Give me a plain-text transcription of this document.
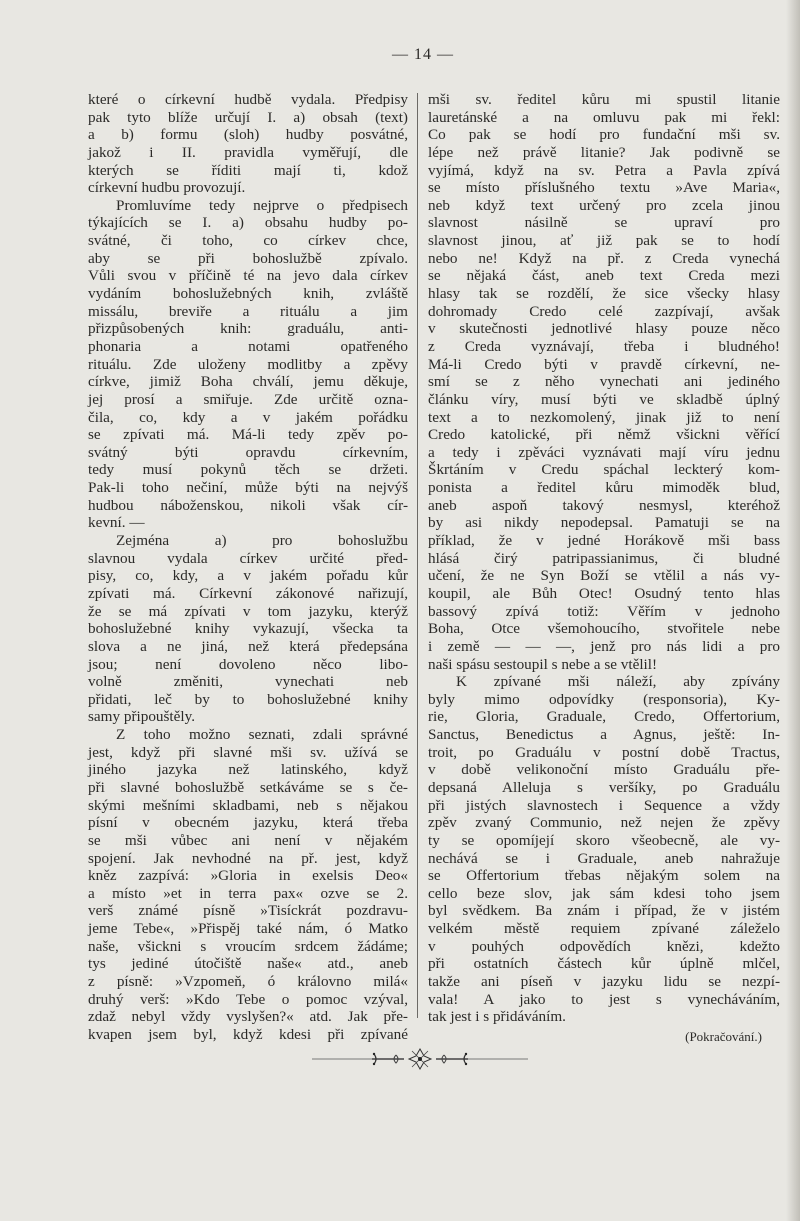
— 14 —
které o církevní hudbě vydala. Předpisy
pak tyto blíže určují I. a) obsah (text)
a b) formu (sloh) hudby posvátné,
jakož i II. pravidla vyměřují, dle
kterých se říditi mají ti, kdož
církevní hudbu provozují.
Promluvíme tedy nejprve o předpisech
týkajících se I. a) obsahu hudby po-
svátné, či toho, co církev chce,
aby se při bohoslužbě zpívalo.
Vůli svou v příčině té na jevo dala církev
vydáním bohoslužebných knih, zvláště
missálu, breviře a rituálu a jim
přizpůsobených knih: graduálu, anti-
phonaria a notami opatřeného
rituálu. Zde uloženy modlitby a zpěvy
církve, jimiž Boha chválí, jemu děkuje,
jej prosí a smiřuje. Zde určitě ozna-
čila, co, kdy a v jakém pořádku
se zpívati má. Má-li tedy zpěv po-
svátný býti opravdu církevním,
tedy musí pokynů těch se držeti.
Pak-li toho nečiní, může býti na nejvýš
hudbou náboženskou, nikoli však cír-
kevní. —
Zejména a) pro bohoslužbu
slavnou vydala církev určité před-
pisy, co, kdy, a v jakém pořadu kůr
zpívati má. Církevní zákonové nařizují,
že se má zpívati v tom jazyku, kterýž
bohoslužebné knihy vykazují, všecka ta
slova a ne jiná, než která předepsána
jsou; není dovoleno něco libo-
volně změniti, vynechati neb
přidati, leč by to bohoslužebné knihy
samy připouštěly.
Z toho možno seznati, zdali správné
jest, když při slavné mši sv. užívá se
jiného jazyka než latinského, když
při slavné bohoslužbě setkáváme se s če-
skými mešními skladbami, neb s nějakou
písní v obecném jazyku, která třeba
se mši vůbec ani není v nějakém
spojení. Jak nevhodné na př. jest, když
kněz zazpívá: »Gloria in exelsis Deo«
a místo »et in terra pax« ozve se 2.
verš známé písně »Tisíckrát pozdravu-
jeme Tebe«, »Přispěj také nám, ó Matko
naše, všickni s vroucím srdcem žádáme;
tys jediné útočiště naše« atd., aneb
z písně: »Vzpomeň, ó královno milá«
druhý verš: »Kdo Tebe o pomoc vzýval,
zdaž nebyl vždy vyslyšen?« atd. Jak pře-
kvapen jsem byl, když kdesi při zpívané
mši sv. ředitel kůru mi spustil litanie
lauretánské a na omluvu pak mi řekl:
Co pak se hodí pro fundační mši sv.
lépe než právě litanie? Jak podivně se
vyjímá, když na sv. Petra a Pavla zpívá
se místo příslušného textu »Ave Maria«,
neb když text určený pro zcela jinou
slavnost násilně se upraví pro
slavnost jinou, ať již pak se to hodí
nebo ne! Když na př. z Creda vynechá
se nějaká část, aneb text Creda mezi
hlasy tak se rozdělí, že sice všecky hlasy
dohromady Credo celé zazpívají, avšak
v skutečnosti jednotlivé hlasy pouze něco
z Creda vyznávají, třeba i bludného!
Má-li Credo býti v pravdě církevní, ne-
smí se z něho vynechati ani jediného
článku víry, musí býti ve skladbě úplný
text a to nezkomolený, jinak již to není
Credo katolické, při němž všickni věřící
a tedy i zpěváci vyznávati mají víru jednu
Škrtáním v Credu spáchal leckterý kom-
ponista a ředitel kůru mimoděk blud,
aneb aspoň takový nesmysl, kteréhož
by asi nikdy nepodepsal. Pamatuji se na
příklad, že v jedné Horákově mši bass
hlásá čirý patripassianimus, či bludné
učení, že ne Syn Boží se vtělil a nás vy-
koupil, ale Bůh Otec! Osudný tento hlas
bassový zpívá totiž: Věřím v jednoho
Boha, Otce všemohoucího, stvořitele nebe
i země — — —, jenž pro nás lidi a pro
naši spásu sestoupil s nebe a se vtělil!
K zpívané mši náleží, aby zpívány
byly mimo odpovídky (responsoria), Ky-
rie, Gloria, Graduale, Credo, Offertorium,
Sanctus, Benedictus a Agnus, ještě: In-
troit, po Graduálu v postní době Tractus,
v době velikonoční místo Graduálu pře-
depsaná Alleluja s veršíky, po Graduálu
při jistých slavnostech i Sequence a vždy
zpěv zvaný Communio, než nejen že zpěvy
ty se opomíjejí skoro všeobecně, ale vy-
nechává se i Graduale, aneb nahražuje
se Offertorium třebas nějakým solem na
cello beze slov, jak sám kdesi toho jsem
byl svědkem. Ba znám i případ, že v jistém
velkém městě requiem zpívané záleželo
v pouhých odpovědích knězi, kdežto
při ostatních částech kůr úplně mlčel,
takže ani píseň v jazyku lidu se nezpí-
vala! A jako to jest s vynecháváním,
tak jest i s přidáváním.
(Pokračování.)
